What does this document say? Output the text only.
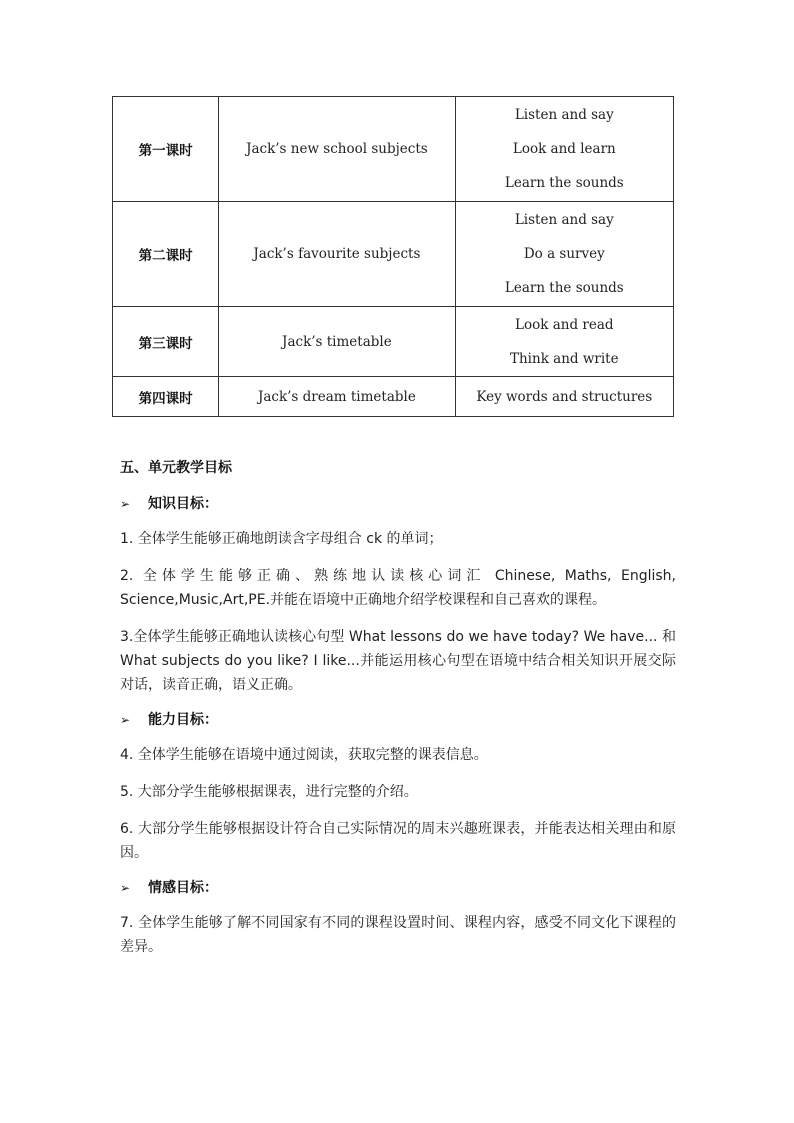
第一课时	Jack’s new school subjects	Listen and say
Look and learn
Learn the sounds

第二课时	Jack’s favourite subjects	Listen and say
Do a survey
Learn the sounds

第三课时	Jack’s timetable	Look and read
Think and write

第四课时	Jack’s dream timetable	Key words and structures

五、单元教学目标

➢	知识目标：

1. 全体学生能够正确地朗读含字母组合 ck 的单词；

2. 全体学生能够正确、熟练地认读核心词汇 Chinese, Maths, English, Science,Music,Art,PE.并能在语境中正确地介绍学校课程和自己喜欢的课程。

3.全体学生能够正确地认读核心句型 What lessons do we have today? We have... 和 What subjects do you like? I like...并能运用核心句型在语境中结合相关知识开展交际对话，读音正确，语义正确。

➢	能力目标：

4. 全体学生能够在语境中通过阅读，获取完整的课表信息。

5. 大部分学生能够根据课表，进行完整的介绍。

6. 大部分学生能够根据设计符合自己实际情况的周末兴趣班课表，并能表达相关理由和原因。

➢	情感目标：

7. 全体学生能够了解不同国家有不同的课程设置时间、课程内容，感受不同文化下课程的差异。
